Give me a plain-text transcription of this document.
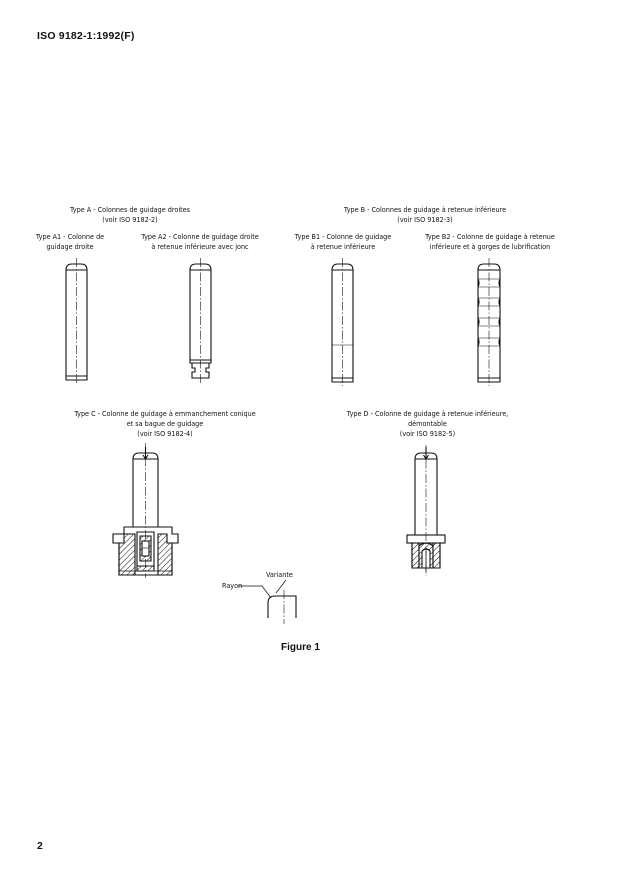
ISO 9182-1:1992(F)
Type A - Colonnes de guidage droites
(voir ISO 9182-2)
Type A1 - Colonne de
guidage droite
Type A2 - Colonne de guidage droite
à retenue inférieure avec jonc
Type B - Colonnes de guidage à retenue inférieure
(voir ISO 9182-3)
Type B1 - Colonne de guidage
à retenue inférieure
Type B2 - Colonne de guidage à retenue
inférieure et à gorges de lubrification
Type C - Colonne de guidage à emmanchement conique
et sa bague de guidage
(voir ISO 9182-4)
Type D - Colonne de guidage à retenue inférieure,
démontable
(voir ISO 9182-5)
Variante
Rayon
Figure 1
2
